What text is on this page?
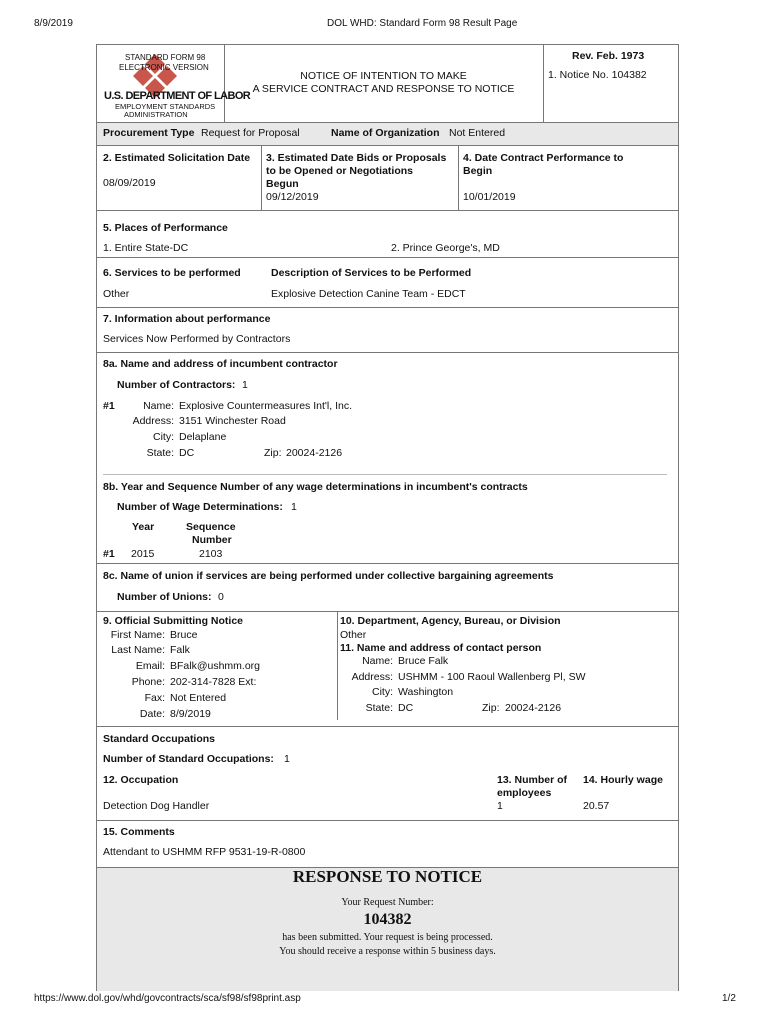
8/9/2019	DOL WHD: Standard Form 98 Result Page
STANDARD FORM 98
ELECTRONIC VERSION
U.S. DEPARTMENT OF LABOR
EMPLOYMENT STANDARDS
ADMINISTRATION
NOTICE OF INTENTION TO MAKE
A SERVICE CONTRACT AND RESPONSE TO NOTICE
Rev. Feb. 1973
1. Notice No. 104382
Procurement Type Request for Proposal	Name of Organization Not Entered
2. Estimated Solicitation Date
08/09/2019
3. Estimated Date Bids or Proposals
to be Opened or Negotiations
Begun
09/12/2019
4. Date Contract Performance to
Begin
10/01/2019
5. Places of Performance
1. Entire State-DC	2. Prince George's, MD
6. Services to be performed	Description of Services to be Performed
Other	Explosive Detection Canine Team - EDCT
7. Information about performance
Services Now Performed by Contractors
8a. Name and address of incumbent contractor
Number of Contractors: 1
#1	Name: Explosive Countermeasures Int'l, Inc.
Address: 3151 Winchester Road
City: Delaplane
State: DC	Zip: 20024-2126
8b. Year and Sequence Number of any wage determinations in incumbent's contracts
Number of Wage Determinations: 1
Year	Sequence
Number
#1 2015	2103
8c. Name of union if services are being performed under collective bargaining agreements
Number of Unions: 0
9. Official Submitting Notice
First Name: Bruce
Last Name: Falk
Email: BFalk@ushmm.org
Phone: 202-314-7828 Ext:
Fax: Not Entered
Date: 8/9/2019
10. Department, Agency, Bureau, or Division
Other
11. Name and address of contact person
Name: Bruce Falk
Address: USHMM - 100 Raoul Wallenberg Pl, SW
City: Washington
State: DC	Zip: 20024-2126
Standard Occupations
Number of Standard Occupations: 1
12. Occupation	13. Number of
employees
14. Hourly wage
Detection Dog Handler	1	20.57
15. Comments
Attendant to USHMM RFP 9531-19-R-0800
RESPONSE TO NOTICE
Your Request Number:
104382
has been submitted. Your request is being processed.
You should receive a response within 5 business days.
https://www.dol.gov/whd/govcontracts/sca/sf98/sf98print.asp	1/2
